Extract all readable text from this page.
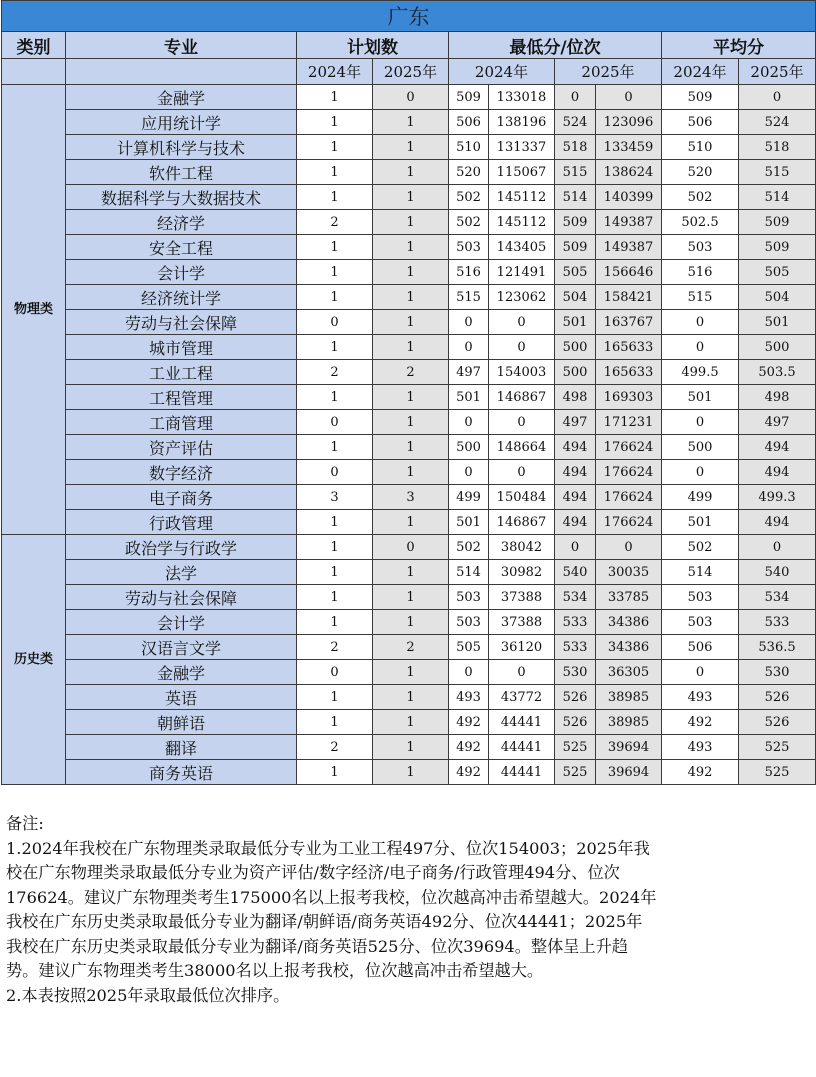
广东									
类别	专业	计划数		最低分/位次				平均分	
		2024年	2025年	2024年		2025年		2024年	2025年
物理类	金融学	1	0	509	133018	0	0	509	0
	应用统计学	1	1	506	138196	524	123096	506	524
	计算机科学与技术	1	1	510	131337	518	133459	510	518
	软件工程	1	1	520	115067	515	138624	520	515
	数据科学与大数据技术	1	1	502	145112	514	140399	502	514
	经济学	2	1	502	145112	509	149387	502.5	509
	安全工程	1	1	503	143405	509	149387	503	509
	会计学	1	1	516	121491	505	156646	516	505
	经济统计学	1	1	515	123062	504	158421	515	504
	劳动与社会保障	0	1	0	0	501	163767	0	501
	城市管理	1	1	0	0	500	165633	0	500
	工业工程	2	2	497	154003	500	165633	499.5	503.5
	工程管理	1	1	501	146867	498	169303	501	498
	工商管理	0	1	0	0	497	171231	0	497
	资产评估	1	1	500	148664	494	176624	500	494
	数字经济	0	1	0	0	494	176624	0	494
	电子商务	3	3	499	150484	494	176624	499	499.3
	行政管理	1	1	501	146867	494	176624	501	494
历史类	政治学与行政学	1	0	502	38042	0	0	502	0
	法学	1	1	514	30982	540	30035	514	540
	劳动与社会保障	1	1	503	37388	534	33785	503	534
	会计学	1	1	503	37388	533	34386	503	533
	汉语言文学	2	2	505	36120	533	34386	506	536.5
	金融学	0	1	0	0	530	36305	0	530
	英语	1	1	493	43772	526	38985	493	526
	朝鲜语	1	1	492	44441	526	38985	492	526
	翻译	2	1	492	44441	525	39694	493	525
	商务英语	1	1	492	44441	525	39694	492	525
备注:
1.2024年我校在广东物理类录取最低分专业为工业工程497分、位次154003；2025年我
校在广东物理类录取最低分专业为资产评估/数字经济/电子商务/行政管理494分、位次
176624。建议广东物理类考生175000名以上报考我校，位次越高冲击希望越大。2024年
我校在广东历史类录取最低分专业为翻译/朝鲜语/商务英语492分、位次44441；2025年
我校在广东历史类录取最低分专业为翻译/商务英语525分、位次39694。整体呈上升趋
势。建议广东物理类考生38000名以上报考我校，位次越高冲击希望越大。
2.本表按照2025年录取最低位次排序。
